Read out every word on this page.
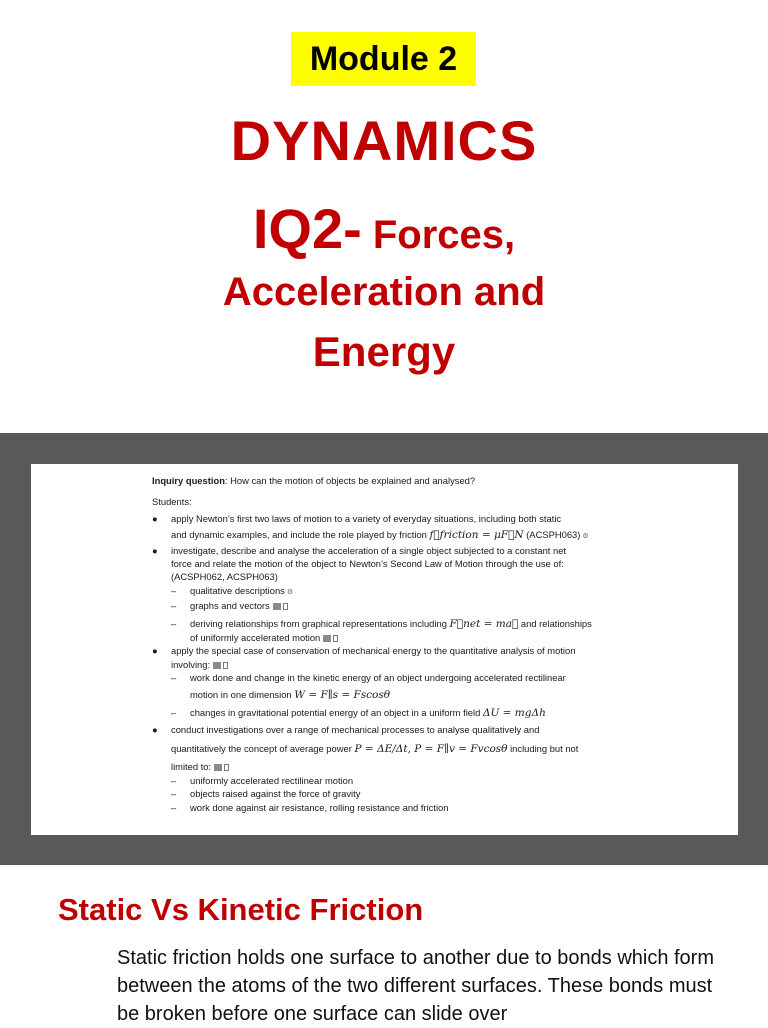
Module 2
DYNAMICS
IQ2- Forces,
Acceleration and
Energy
Inquiry question: How can the motion of objects be explained and analysed?
Students:
● apply Newton’s first two laws of motion to a variety of everyday situations, including both static
and dynamic examples, and include the role played by friction f⃗friction = μF⃗N (ACSPH063) ⚙
● investigate, describe and analyse the acceleration of a single object subjected to a constant net
force and relate the motion of the object to Newton’s Second Law of Motion through the use of:
(ACSPH062, ACSPH063)
– qualitative descriptions ⚙
– graphs and vectors
– deriving relationships from graphical representations including F⃗net = ma⃗ and relationships
of uniformly accelerated motion
● apply the special case of conservation of mechanical energy to the quantitative analysis of motion
involving:
– work done and change in the kinetic energy of an object undergoing accelerated rectilinear
motion in one dimension W = F∥s = Fscosθ
– changes in gravitational potential energy of an object in a uniform field ΔU = mgΔh
● conduct investigations over a range of mechanical processes to analyse qualitatively and
quantitatively the concept of average power P = ΔE/Δt, P = F∥v = Fvcosθ including but not
limited to:
– uniformly accelerated rectilinear motion
– objects raised against the force of gravity
– work done against air resistance, rolling resistance and friction
Static Vs Kinetic Friction
Static friction holds one surface to another due to bonds which form between the atoms of the two different surfaces. These bonds must be broken before one surface can slide over
